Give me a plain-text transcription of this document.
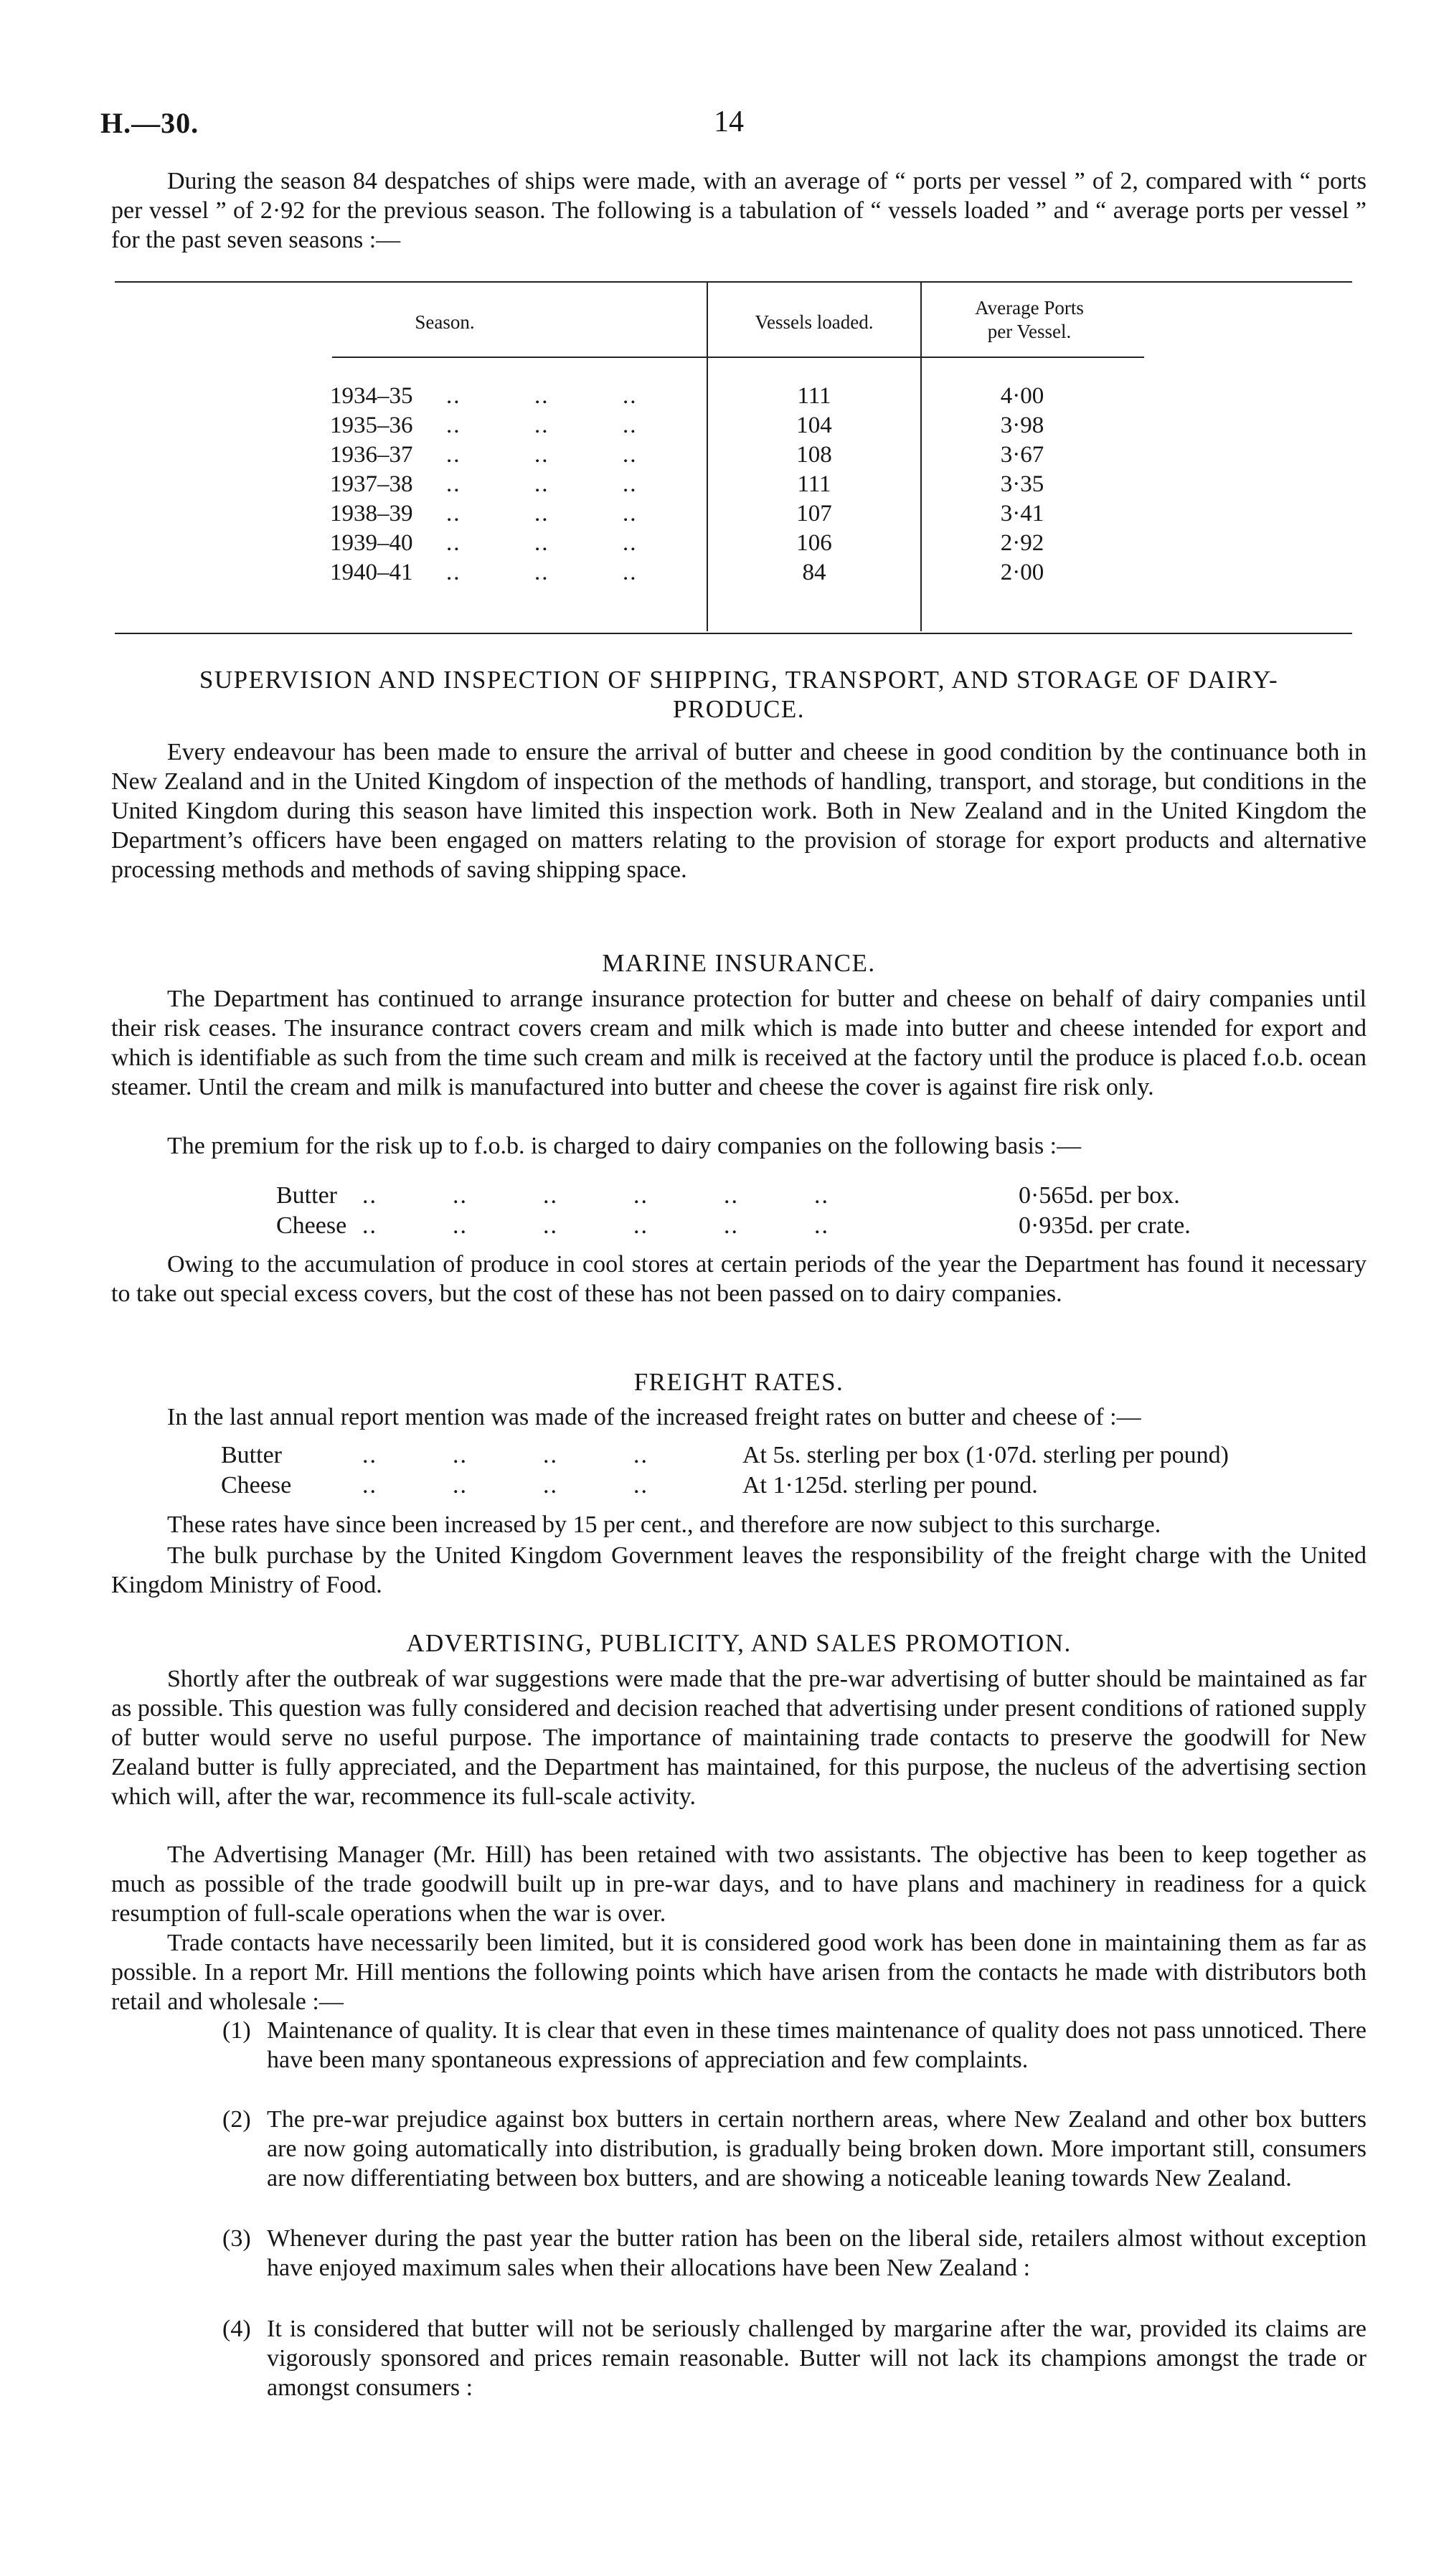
H.—30.	14
During the season 84 despatches of ships were made, with an average of “ ports per vessel ” of 2, compared with “ ports per vessel ” of 2·92 for the previous season. The following is a tabulation of “ vessels loaded ” and “ average ports per vessel ” for the past seven seasons :—
Season.	Vessels loaded.
Average Ports
per Vessel.
1934–35 ..          ..          ..	111	4·00
1935–36 ..          ..          ..	104	3·98
1936–37 ..          ..          ..	108	3·67
1937–38 ..          ..          ..	111	3·35
1938–39 ..          ..          ..	107	3·41
1939–40 ..          ..          ..	106	2·92
1940–41 ..          ..          ..	84	2·00
SUPERVISION AND INSPECTION OF SHIPPING, TRANSPORT, AND STORAGE OF DAIRY-
PRODUCE.
Every endeavour has been made to ensure the arrival of butter and cheese in good condition by the continuance both in New Zealand and in the United Kingdom of inspection of the methods of handling, transport, and storage, but conditions in the United Kingdom during this season have limited this inspection work. Both in New Zealand and in the United Kingdom the Department’s officers have been engaged on matters relating to the provision of storage for export products and alternative processing methods and methods of saving shipping space.
MARINE INSURANCE.
The Department has continued to arrange insurance protection for butter and cheese on behalf of dairy companies until their risk ceases. The insurance contract covers cream and milk which is made into butter and cheese intended for export and which is identifiable as such from the time such cream and milk is received at the factory until the produce is placed f.o.b. ocean steamer. Until the cream and milk is manufactured into butter and cheese the cover is against fire risk only.
The premium for the risk up to f.o.b. is charged to dairy companies on the following basis :—
Butter ..          ..          ..          ..          ..          ..	0·565d. per box.
Cheese ..          ..          ..          ..          ..          ..	0·935d. per crate.
Owing to the accumulation of produce in cool stores at certain periods of the year the Department has found it necessary to take out special excess covers, but the cost of these has not been passed on to dairy companies.
FREIGHT RATES.
In the last annual report mention was made of the increased freight rates on butter and cheese of :—
Butter	..          ..          ..          ..	At 5s. sterling per box (1·07d. sterling per pound)
Cheese	..          ..          ..          ..	At 1·125d. sterling per pound.
These rates have since been increased by 15 per cent., and therefore are now subject to this surcharge.
The bulk purchase by the United Kingdom Government leaves the responsibility of the freight charge with the United Kingdom Ministry of Food.
ADVERTISING, PUBLICITY, AND SALES PROMOTION.
Shortly after the outbreak of war suggestions were made that the pre-war advertising of butter should be maintained as far as possible. This question was fully considered and decision reached that advertising under present conditions of rationed supply of butter would serve no useful purpose. The importance of maintaining trade contacts to preserve the goodwill for New Zealand butter is fully appreciated, and the Department has maintained, for this purpose, the nucleus of the advertising section which will, after the war, recommence its full-scale activity.
The Advertising Manager (Mr. Hill) has been retained with two assistants. The objective has been to keep together as much as possible of the trade goodwill built up in pre-war days, and to have plans and machinery in readiness for a quick resumption of full-scale operations when the war is over.
Trade contacts have necessarily been limited, but it is considered good work has been done in maintaining them as far as possible. In a report Mr. Hill mentions the following points which have arisen from the contacts he made with distributors both retail and wholesale :—
(1) Maintenance of quality. It is clear that even in these times maintenance of quality does not pass unnoticed. There have been many spontaneous expressions of appreciation and few complaints.
(2) The pre-war prejudice against box butters in certain northern areas, where New Zealand and other box butters are now going automatically into distribution, is gradually being broken down. More important still, consumers are now differentiating between box butters, and are showing a noticeable leaning towards New Zealand.
(3) Whenever during the past year the butter ration has been on the liberal side, retailers almost without exception have enjoyed maximum sales when their allocations have been New Zealand :
(4) It is considered that butter will not be seriously challenged by margarine after the war, provided its claims are vigorously sponsored and prices remain reasonable. Butter will not lack its champions amongst the trade or amongst consumers :
